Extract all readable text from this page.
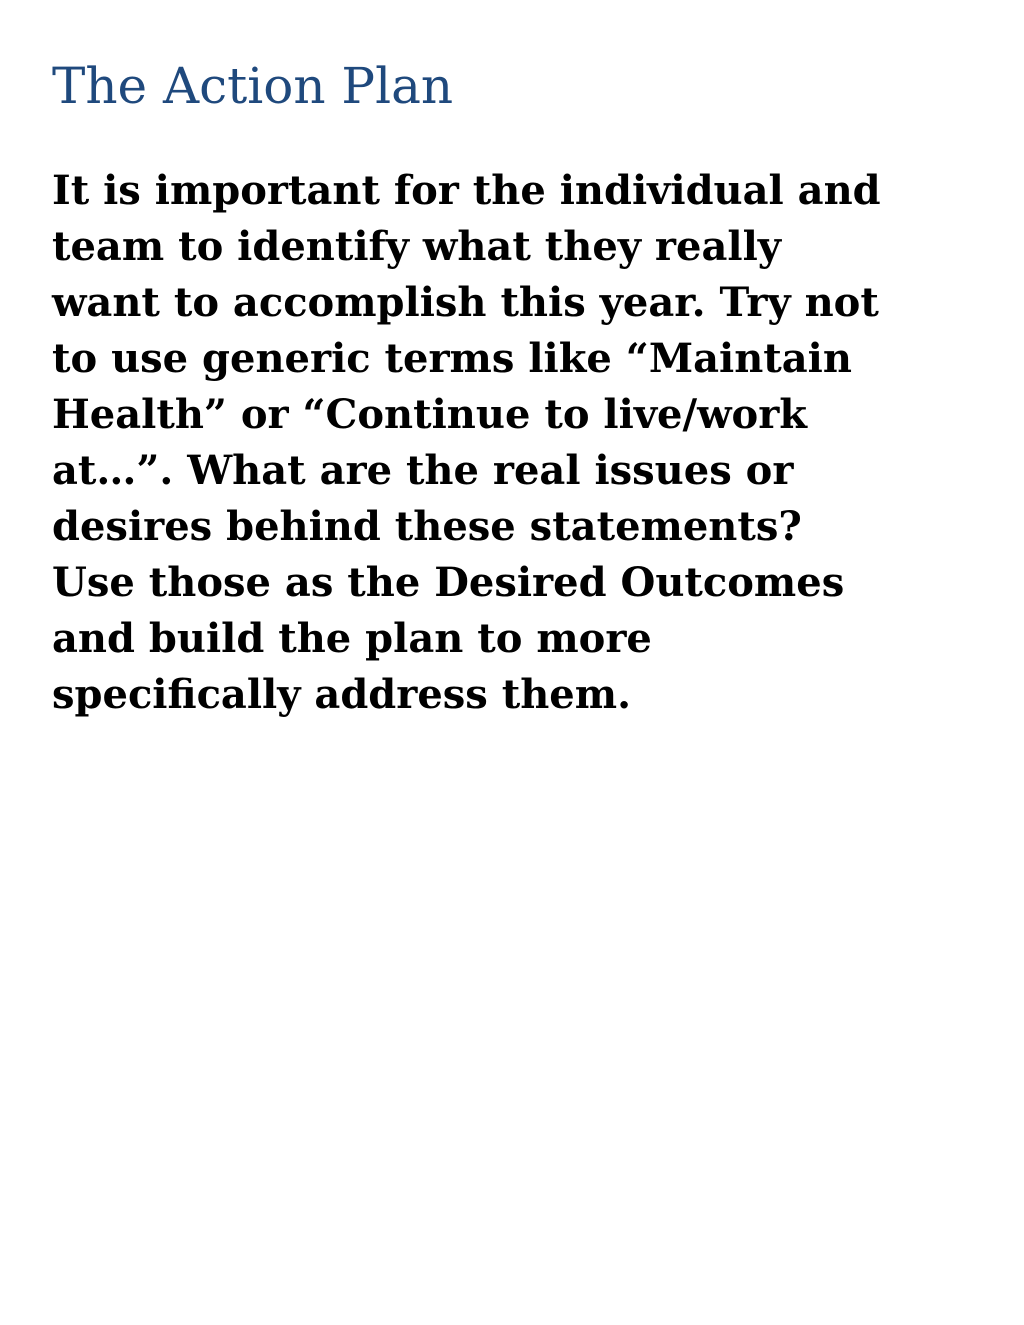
The Action Plan
It is important for the individual and
team to identify what they really
want to accomplish this year. Try not
to use generic terms like “Maintain
Health” or “Continue to live/work
at…”. What are the real issues or
desires behind these statements?
Use those as the Desired Outcomes
and build the plan to more
specifically address them.
